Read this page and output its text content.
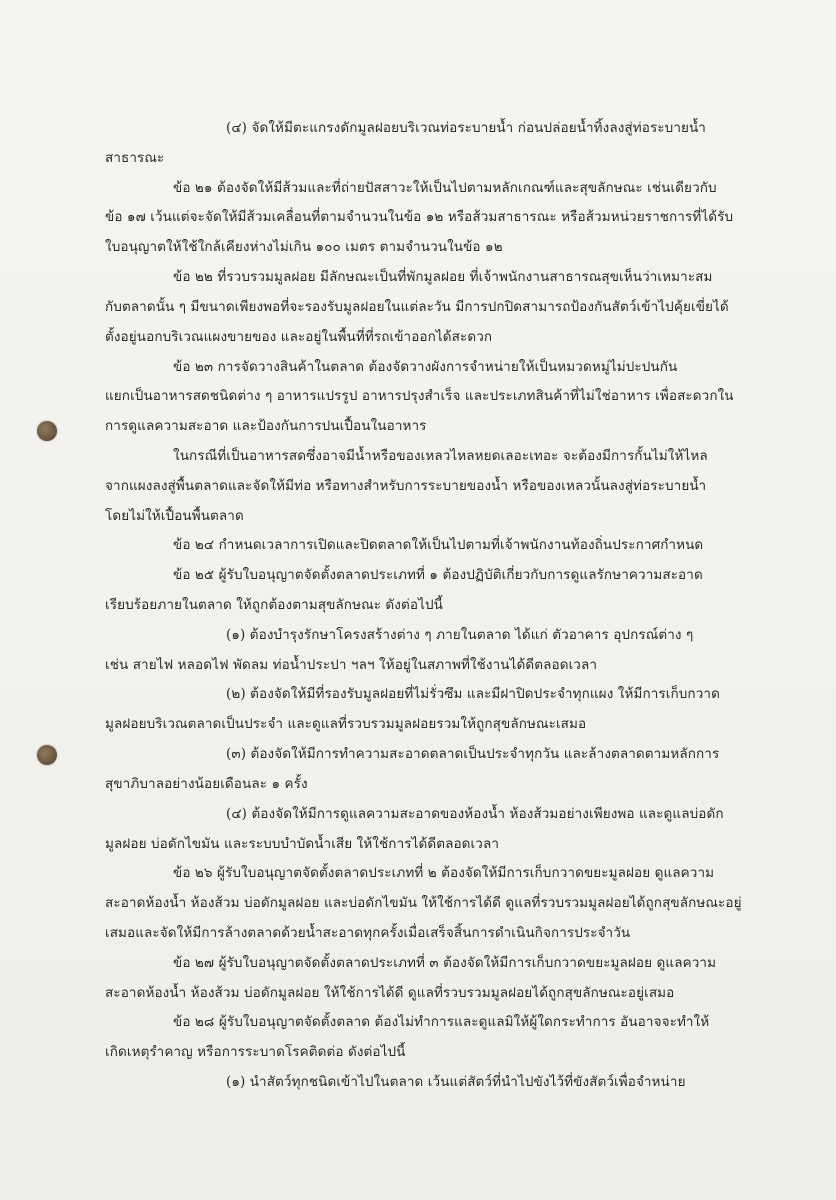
(๔) จัดให้มีตะแกรงดักมูลฝอยบริเวณท่อระบายน้ำ ก่อนปล่อยน้ำทิ้งลงสู่ท่อระบายน้ำ
สาธารณะ
ข้อ ๒๑ ต้องจัดให้มีส้วมและที่ถ่ายปัสสาวะให้เป็นไปตามหลักเกณฑ์และสุขลักษณะ เช่นเดียวกับ
ข้อ ๑๗ เว้นแต่จะจัดให้มีส้วมเคลื่อนที่ตามจำนวนในข้อ ๑๒ หรือส้วมสาธารณะ หรือส้วมหน่วยราชการที่ได้รับ
ใบอนุญาตให้ใช้ใกล้เคียงห่างไม่เกิน ๑๐๐ เมตร ตามจำนวนในข้อ ๑๒
ข้อ ๒๒ ที่รวบรวมมูลฝอย มีลักษณะเป็นที่พักมูลฝอย ที่เจ้าพนักงานสาธารณสุขเห็นว่าเหมาะสม
กับตลาดนั้น ๆ มีขนาดเพียงพอที่จะรองรับมูลฝอยในแต่ละวัน มีการปกปิดสามารถป้องกันสัตว์เข้าไปคุ้ยเขี่ยได้
ตั้งอยู่นอกบริเวณแผงขายของ และอยู่ในพื้นที่ที่รถเข้าออกได้สะดวก
ข้อ ๒๓ การจัดวางสินค้าในตลาด ต้องจัดวางผังการจำหน่ายให้เป็นหมวดหมู่ไม่ปะปนกัน
แยกเป็นอาหารสดชนิดต่าง ๆ อาหารแปรรูป อาหารปรุงสำเร็จ และประเภทสินค้าที่ไม่ใช่อาหาร เพื่อสะดวกใน
การดูแลความสะอาด และป้องกันการปนเปื้อนในอาหาร
ในกรณีที่เป็นอาหารสดซึ่งอาจมีน้ำหรือของเหลวไหลหยดเลอะเทอะ จะต้องมีการกั้นไม่ให้ไหล
จากแผงลงสู่พื้นตลาดและจัดให้มีท่อ หรือทางสำหรับการระบายของน้ำ หรือของเหลวนั้นลงสู่ท่อระบายน้ำ
โดยไม่ให้เปื้อนพื้นตลาด
ข้อ ๒๔ กำหนดเวลาการเปิดและปิดตลาดให้เป็นไปตามที่เจ้าพนักงานท้องถิ่นประกาศกำหนด
ข้อ ๒๕ ผู้รับใบอนุญาตจัดตั้งตลาดประเภทที่ ๑ ต้องปฏิบัติเกี่ยวกับการดูแลรักษาความสะอาด
เรียบร้อยภายในตลาด ให้ถูกต้องตามสุขลักษณะ ดังต่อไปนี้
(๑) ต้องบำรุงรักษาโครงสร้างต่าง ๆ ภายในตลาด ได้แก่ ตัวอาคาร อุปกรณ์ต่าง ๆ
เช่น สายไฟ หลอดไฟ พัดลม ท่อน้ำประปา ฯลฯ ให้อยู่ในสภาพที่ใช้งานได้ดีตลอดเวลา
(๒) ต้องจัดให้มีที่รองรับมูลฝอยที่ไม่รั่วซึม และมีฝาปิดประจำทุกแผง ให้มีการเก็บกวาด
มูลฝอยบริเวณตลาดเป็นประจำ และดูแลที่รวบรวมมูลฝอยรวมให้ถูกสุขลักษณะเสมอ
(๓) ต้องจัดให้มีการทำความสะอาดตลาดเป็นประจำทุกวัน และล้างตลาดตามหลักการ
สุขาภิบาลอย่างน้อยเดือนละ ๑ ครั้ง
(๔) ต้องจัดให้มีการดูแลความสะอาดของห้องน้ำ ห้องส้วมอย่างเพียงพอ และดูแลบ่อดัก
มูลฝอย บ่อดักไขมัน และระบบบำบัดน้ำเสีย ให้ใช้การได้ดีตลอดเวลา
ข้อ ๒๖ ผู้รับใบอนุญาตจัดตั้งตลาดประเภทที่ ๒ ต้องจัดให้มีการเก็บกวาดขยะมูลฝอย ดูแลความ
สะอาดห้องน้ำ ห้องส้วม บ่อดักมูลฝอย และบ่อดักไขมัน ให้ใช้การได้ดี ดูแลที่รวบรวมมูลฝอยได้ถูกสุขลักษณะอยู่
เสมอและจัดให้มีการล้างตลาดด้วยน้ำสะอาดทุกครั้งเมื่อเสร็จสิ้นการดำเนินกิจการประจำวัน
ข้อ ๒๗ ผู้รับใบอนุญาตจัดตั้งตลาดประเภทที่ ๓ ต้องจัดให้มีการเก็บกวาดขยะมูลฝอย ดูแลความ
สะอาดห้องน้ำ ห้องส้วม บ่อดักมูลฝอย ให้ใช้การได้ดี ดูแลที่รวบรวมมูลฝอยได้ถูกสุขลักษณะอยู่เสมอ
ข้อ ๒๘ ผู้รับใบอนุญาตจัดตั้งตลาด ต้องไม่ทำการและดูแลมิให้ผู้ใดกระทำการ อันอาจจะทำให้
เกิดเหตุรำคาญ หรือการระบาดโรคติดต่อ ดังต่อไปนี้
(๑) นำสัตว์ทุกชนิดเข้าไปในตลาด เว้นแต่สัตว์ที่นำไปขังไว้ที่ขังสัตว์เพื่อจำหน่าย
